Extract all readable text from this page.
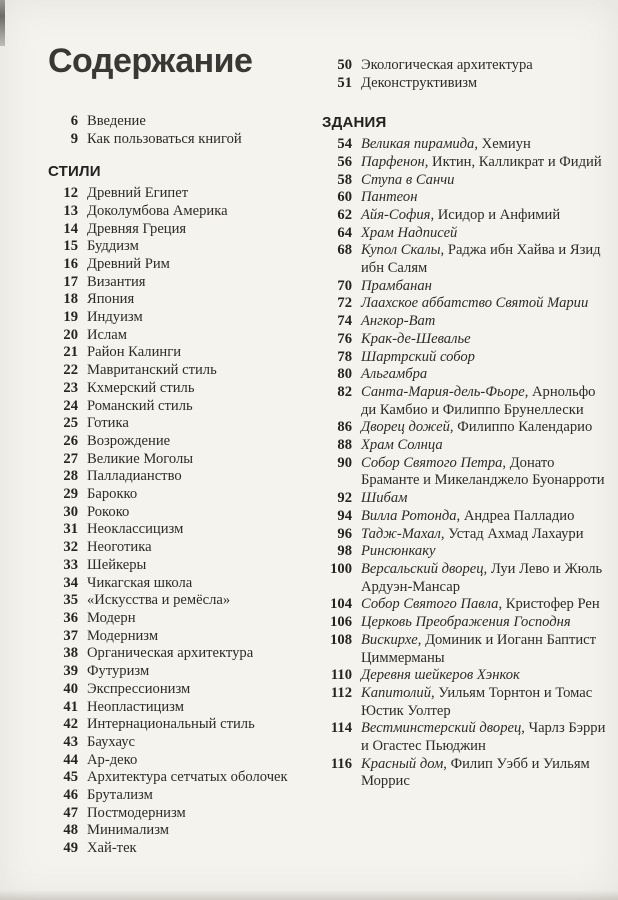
Содержание
6 Введение
9 Как пользоваться книгой
СТИЛИ
12 Древний Египет
13 Доколумбова Америка
14 Древняя Греция
15 Буддизм
16 Древний Рим
17 Византия
18 Япония
19 Индуизм
20 Ислам
21 Район Калинги
22 Мавританский стиль
23 Кхмерский стиль
24 Романский стиль
25 Готика
26 Возрождение
27 Великие Моголы
28 Палладианство
29 Барокко
30 Рококо
31 Неоклассицизм
32 Неоготика
33 Шейкеры
34 Чикагская школа
35 «Искусства и ремёсла»
36 Модерн
37 Модернизм
38 Органическая архитектура
39 Футуризм
40 Экспрессионизм
41 Неопластицизм
42 Интернациональный стиль
43 Баухаус
44 Ар-деко
45 Архитектура сетчатых оболочек
46 Брутализм
47 Постмодернизм
48 Минимализм
49 Хай-тек
50 Экологическая архитектура
51 Деконструктивизм
ЗДАНИЯ
54 Великая пирамида, Хемиун
56 Парфенон, Иктин, Калликрат и Фидий
58 Ступа в Санчи
60 Пантеон
62 Айя-София, Исидор и Анфимий
64 Храм Надписей
68 Купол Скалы, Раджа ибн Хайва и Язид ибн Салям
70 Прамбанан
72 Лаахское аббатство Святой Марии
74 Ангкор-Ват
76 Крак-де-Шевалье
78 Шартрский собор
80 Альгамбра
82 Санта-Мария-дель-Фьоре, Арнольфо ди Камбио и Филиппо Брунеллески
86 Дворец дожей, Филиппо Календарио
88 Храм Солнца
90 Собор Святого Петра, Донато Браманте и Микеланджело Буонарроти
92 Шибам
94 Вилла Ротонда, Андреа Палладио
96 Тадж-Махал, Устад Ахмад Лахаури
98 Ринсюнкаку
100 Версальский дворец, Луи Лево и Жюль Ардуэн-Мансар
104 Собор Святого Павла, Кристофер Рен
106 Церковь Преображения Господня
108 Вискирхе, Доминик и Иоганн Баптист Циммерманы
110 Деревня шейкеров Хэнкок
112 Капитолий, Уильям Торнтон и Томас Юстик Уолтер
114 Вестминстерский дворец, Чарлз Бэрри и Огастес Пьюджин
116 Красный дом, Филип Уэбб и Уильям Моррис
